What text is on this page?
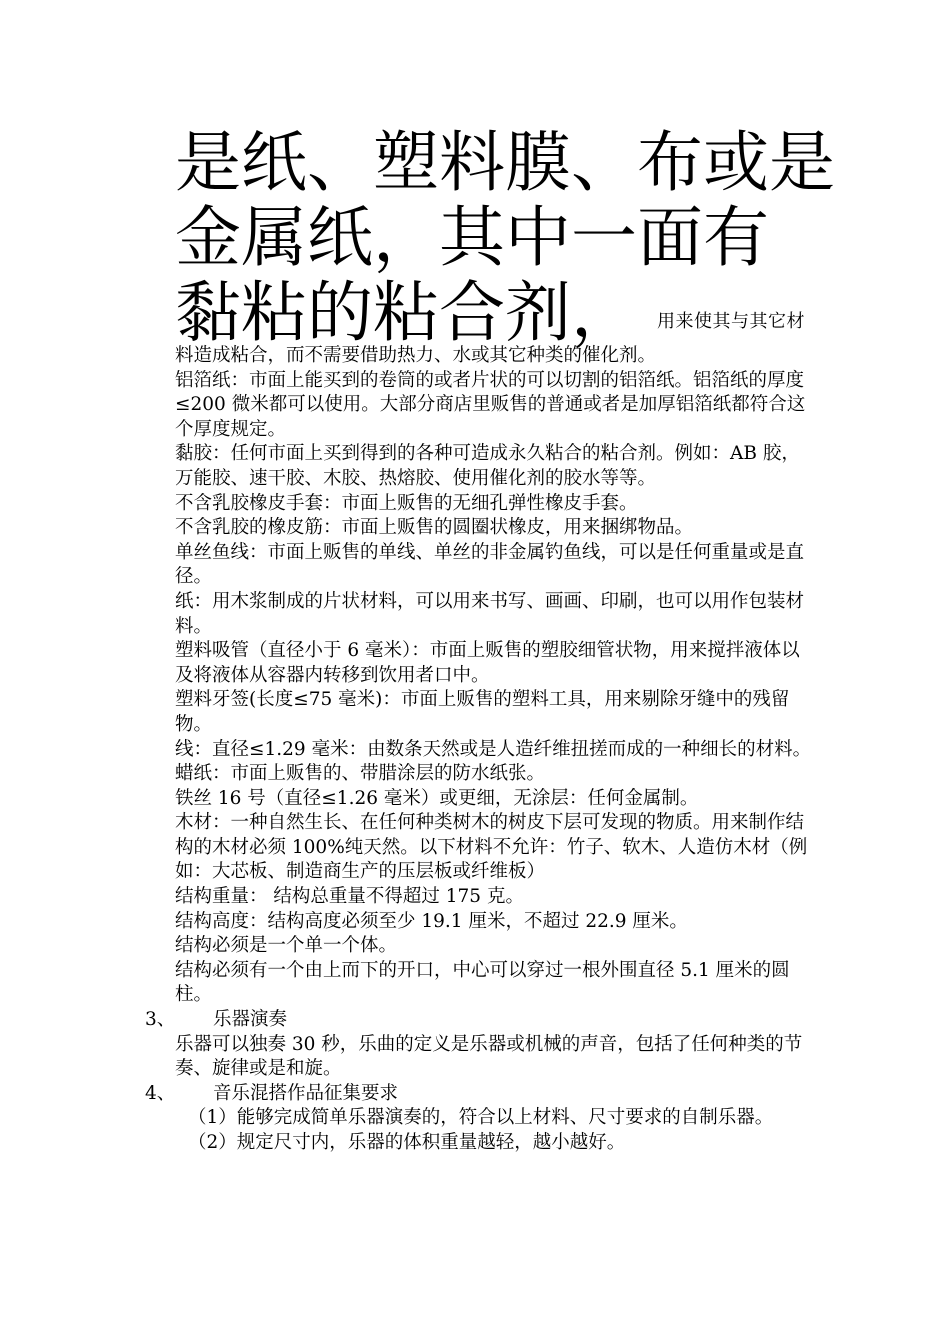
是纸、塑料膜、布或是
金属纸，其中一面有
黏粘的粘合剂， 用来使其与其它材

料造成粘合，而不需要借助热力、水或其它种类的催化剂。

铝箔纸：市面上能买到的卷筒的或者片状的可以切割的铝箔纸。铝箔纸的厚度≤200 微米都可以使用。大部分商店里贩售的普通或者是加厚铝箔纸都符合这个厚度规定。

黏胶：任何市面上买到得到的各种可造成永久粘合的粘合剂。例如：AB 胶，万能胶、速干胶、木胶、热熔胶、使用催化剂的胶水等等。

不含乳胶橡皮手套：市面上贩售的无细孔弹性橡皮手套。

不含乳胶的橡皮筋：市面上贩售的圆圈状橡皮，用来捆绑物品。

单丝鱼线：市面上贩售的单线、单丝的非金属钓鱼线，可以是任何重量或是直径。

纸：用木浆制成的片状材料，可以用来书写、画画、印刷，也可以用作包装材料。

塑料吸管（直径小于 6 毫米）：市面上贩售的塑胶细管状物，用来搅拌液体以及将液体从容器内转移到饮用者口中。

塑料牙签(长度≤75 毫米)：市面上贩售的塑料工具，用来剔除牙缝中的残留物。

线：直径≤1.29 毫米：由数条天然或是人造纤维扭搓而成的一种细长的材料。

蜡纸：市面上贩售的、带腊涂层的防水纸张。

铁丝 16 号（直径≤1.26 毫米）或更细，无涂层：任何金属制。

木材：一种自然生长、在任何种类树木的树皮下层可发现的物质。用来制作结构的木材必须 100%纯天然。以下材料不允许：竹子、软木、人造仿木材（例如：大芯板、制造商生产的压层板或纤维板）

结构重量： 结构总重量不得超过 175 克。

结构高度：结构高度必须至少 19.1 厘米，不超过 22.9 厘米。

结构必须是一个单一个体。

结构必须有一个由上而下的开口，中心可以穿过一根外围直径 5.1 厘米的圆柱。

3、 乐器演奏

乐器可以独奏 30 秒，乐曲的定义是乐器或机械的声音，包括了任何种类的节奏、旋律或是和旋。

4、 音乐混搭作品征集要求

（1）能够完成简单乐器演奏的，符合以上材料、尺寸要求的自制乐器。

（2）规定尺寸内，乐器的体积重量越轻，越小越好。
